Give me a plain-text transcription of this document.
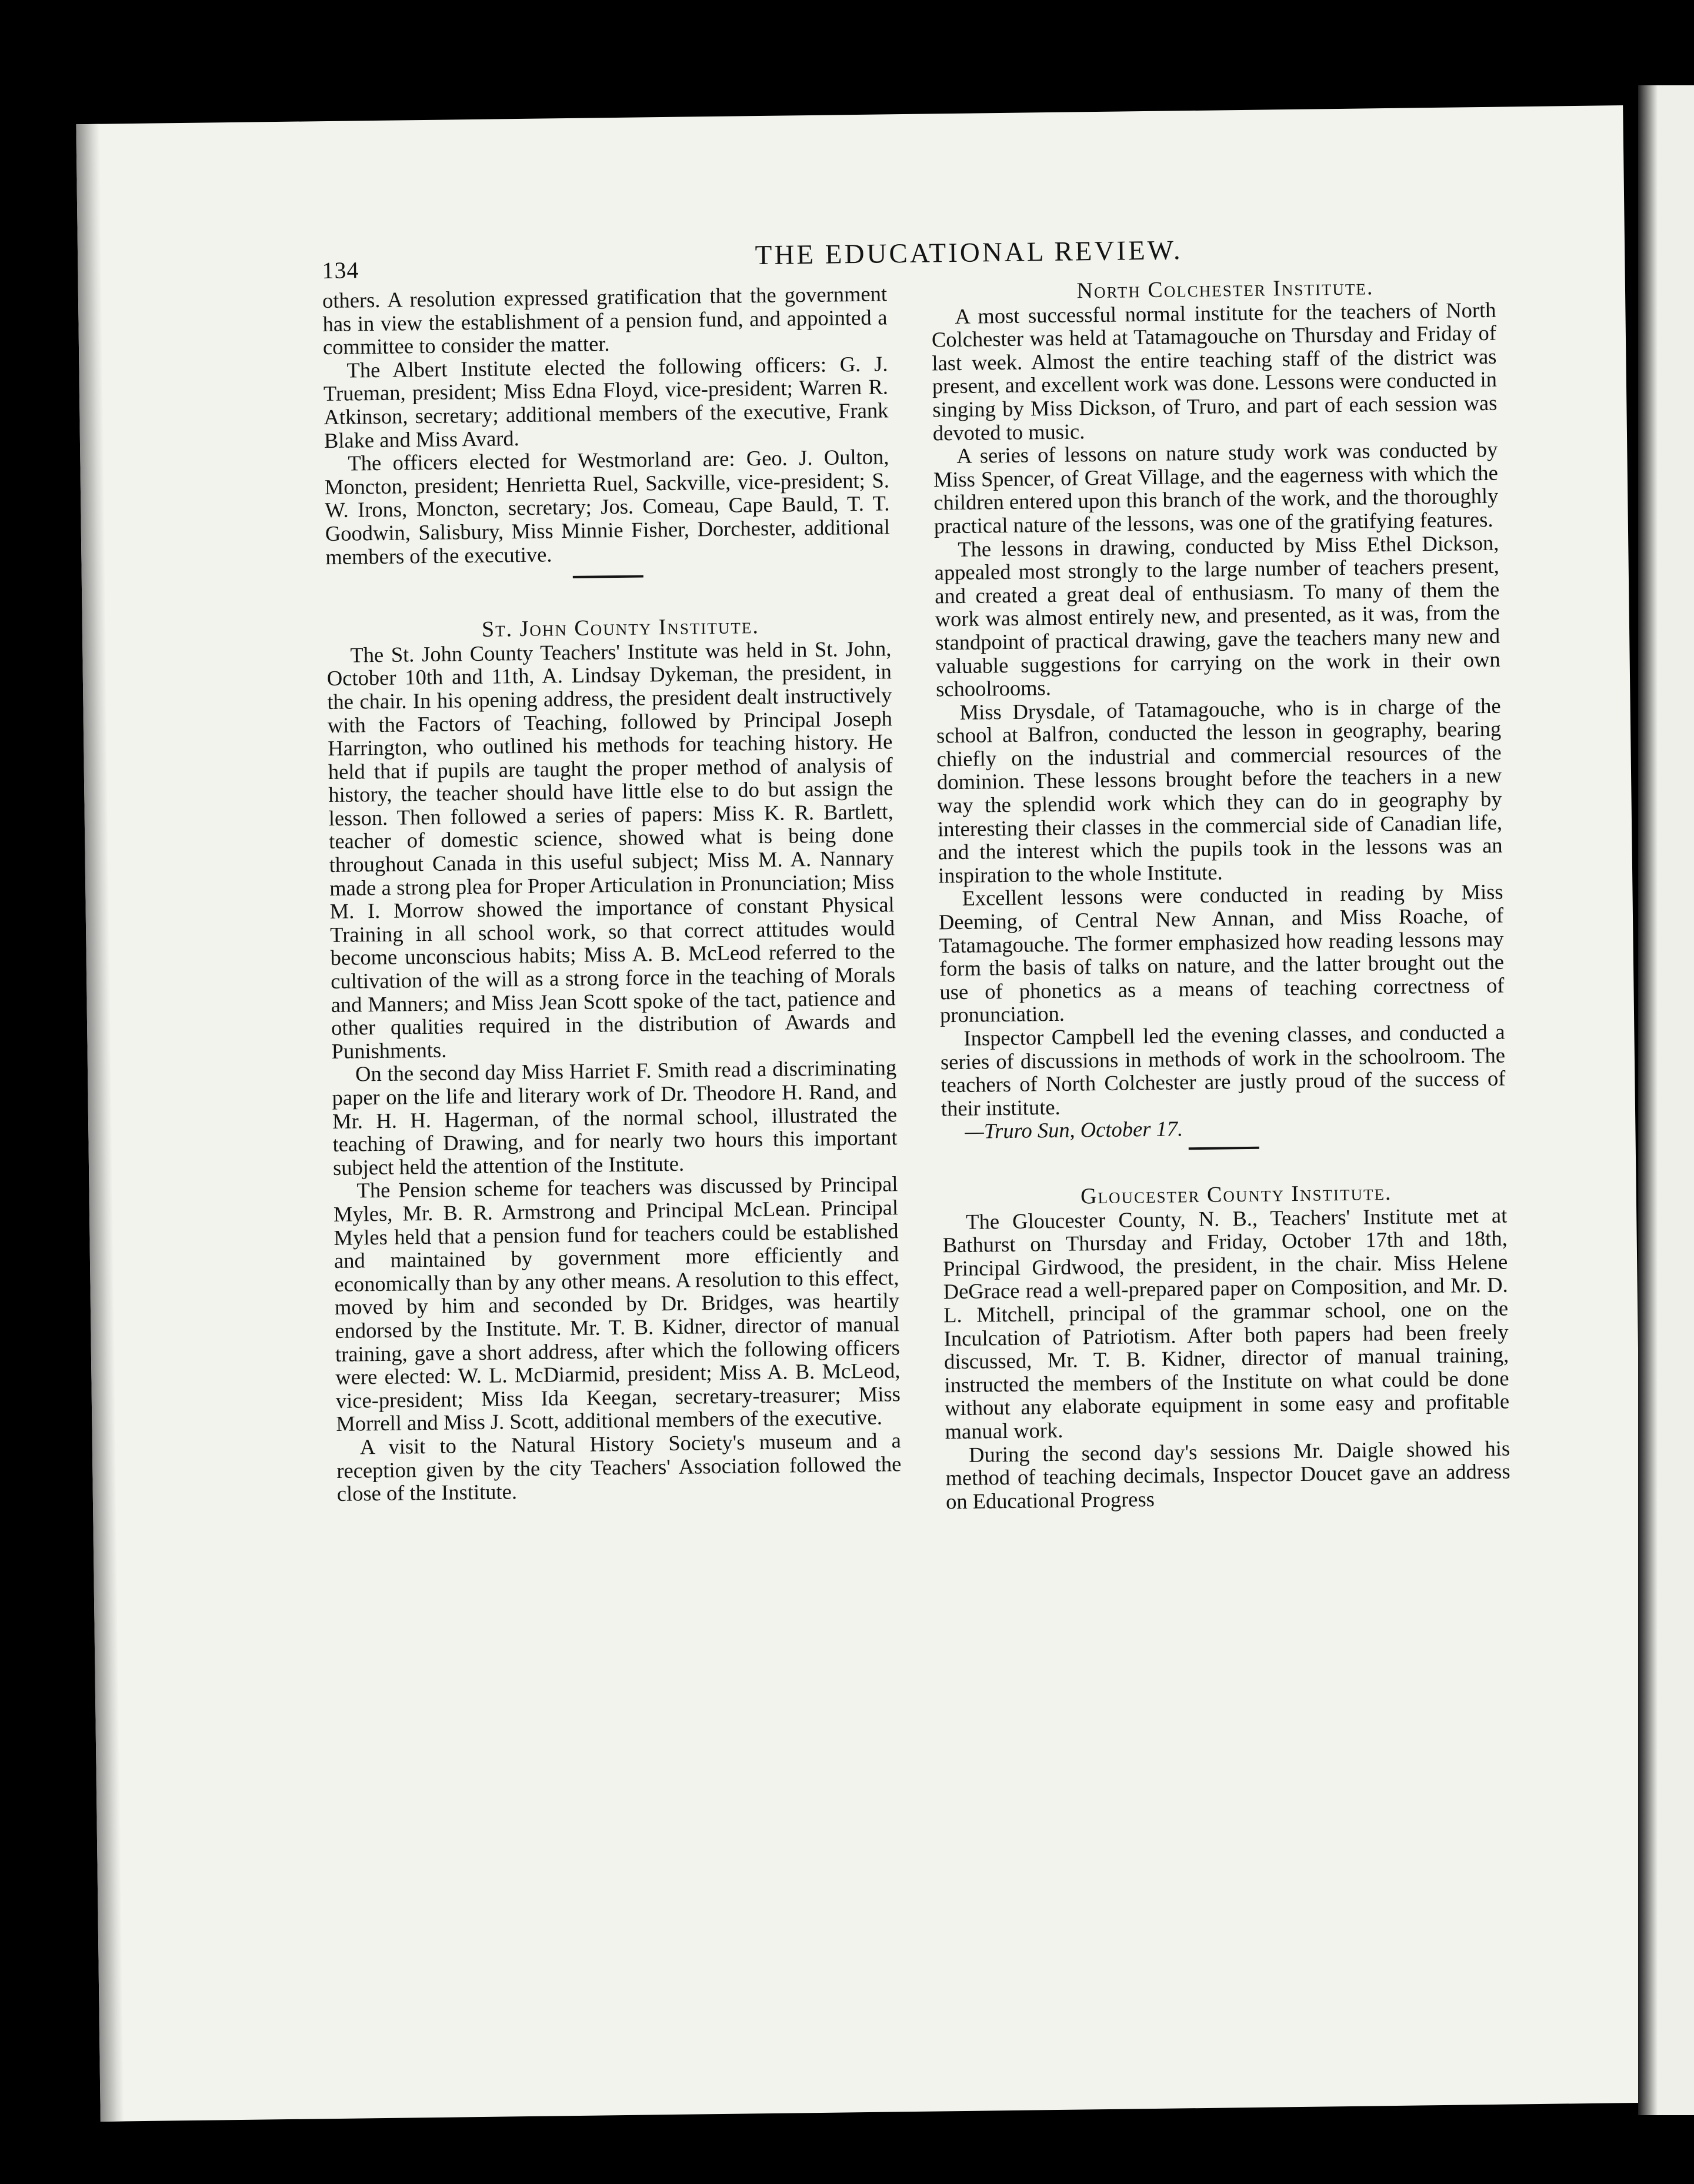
134	THE EDUCATIONAL REVIEW.

others. A resolution expressed gratification that the government has in view the establishment of a pension fund, and appointed a committee to consider the matter.

The Albert Institute elected the following officers: G. J. Trueman, president; Miss Edna Floyd, vice-president; Warren R. Atkinson, secretary; additional members of the executive, Frank Blake and Miss Avard.

The officers elected for Westmorland are: Geo. J. Oulton, Moncton, president; Henrietta Ruel, Sackville, vice-president; S. W. Irons, Moncton, secretary; Jos. Comeau, Cape Bauld, T. T. Goodwin, Salisbury, Miss Minnie Fisher, Dorchester, additional members of the executive.

St. John County Institute.

The St. John County Teachers' Institute was held in St. John, October 10th and 11th, A. Lindsay Dykeman, the president, in the chair. In his opening address, the president dealt instructively with the Factors of Teaching, followed by Principal Joseph Harrington, who outlined his methods for teaching history. He held that if pupils are taught the proper method of analysis of history, the teacher should have little else to do but assign the lesson. Then followed a series of papers: Miss K. R. Bartlett, teacher of domestic science, showed what is being done throughout Canada in this useful subject; Miss M. A. Nannary made a strong plea for Proper Articulation in Pronunciation; Miss M. I. Morrow showed the importance of constant Physical Training in all school work, so that correct attitudes would become unconscious habits; Miss A. B. McLeod referred to the cultivation of the will as a strong force in the teaching of Morals and Manners; and Miss Jean Scott spoke of the tact, patience and other qualities required in the distribution of Awards and Punishments.

On the second day Miss Harriet F. Smith read a discriminating paper on the life and literary work of Dr. Theodore H. Rand, and Mr. H. H. Hagerman, of the normal school, illustrated the teaching of Drawing, and for nearly two hours this important subject held the attention of the Institute.

The Pension scheme for teachers was discussed by Principal Myles, Mr. B. R. Armstrong and Principal McLean. Principal Myles held that a pension fund for teachers could be established and maintained by government more efficiently and economically than by any other means. A resolution to this effect, moved by him and seconded by Dr. Bridges, was heartily endorsed by the Institute. Mr. T. B. Kidner, director of manual training, gave a short address, after which the following officers were elected: W. L. McDiarmid, president; Miss A. B. McLeod, vice-president; Miss Ida Keegan, secretary-treasurer; Miss Morrell and Miss J. Scott, additional members of the executive.

A visit to the Natural History Society's museum and a reception given by the city Teachers' Association followed the close of the Institute.

North Colchester Institute.

A most successful normal institute for the teachers of North Colchester was held at Tatamagouche on Thursday and Friday of last week. Almost the entire teaching staff of the district was present, and excellent work was done. Lessons were conducted in singing by Miss Dickson, of Truro, and part of each session was devoted to music.

A series of lessons on nature study work was conducted by Miss Spencer, of Great Village, and the eagerness with which the children entered upon this branch of the work, and the thoroughly practical nature of the lessons, was one of the gratifying features.

The lessons in drawing, conducted by Miss Ethel Dickson, appealed most strongly to the large number of teachers present, and created a great deal of enthusiasm. To many of them the work was almost entirely new, and presented, as it was, from the standpoint of practical drawing, gave the teachers many new and valuable suggestions for carrying on the work in their own schoolrooms.

Miss Drysdale, of Tatamagouche, who is in charge of the school at Balfron, conducted the lesson in geography, bearing chiefly on the industrial and commercial resources of the dominion. These lessons brought before the teachers in a new way the splendid work which they can do in geography by interesting their classes in the commercial side of Canadian life, and the interest which the pupils took in the lessons was an inspiration to the whole Institute.

Excellent lessons were conducted in reading by Miss Deeming, of Central New Annan, and Miss Roache, of Tatamagouche. The former emphasized how reading lessons may form the basis of talks on nature, and the latter brought out the use of phonetics as a means of teaching correctness of pronunciation.

Inspector Campbell led the evening classes, and conducted a series of discussions in methods of work in the schoolroom. The teachers of North Colchester are justly proud of the success of their institute.

—Truro Sun, October 17.

Gloucester County Institute.

The Gloucester County, N. B., Teachers' Institute met at Bathurst on Thursday and Friday, October 17th and 18th, Principal Girdwood, the president, in the chair. Miss Helene DeGrace read a well-prepared paper on Composition, and Mr. D. L. Mitchell, principal of the grammar school, one on the Inculcation of Patriotism. After both papers had been freely discussed, Mr. T. B. Kidner, director of manual training, instructed the members of the Institute on what could be done without any elaborate equipment in some easy and profitable manual work.

During the second day's sessions Mr. Daigle showed his method of teaching decimals, Inspector Doucet gave an address on Educational Progress
